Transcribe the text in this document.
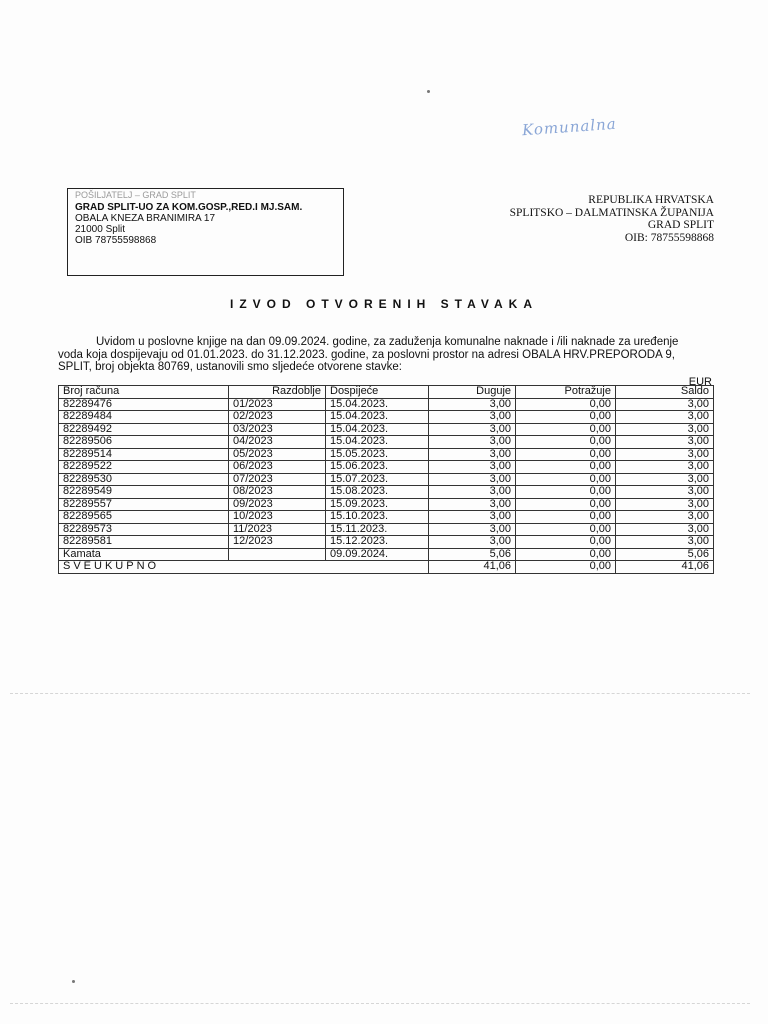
Komunalna
POŠILJATELJ – GRAD SPLIT
GRAD SPLIT-UO ZA KOM.GOSP.,RED.I MJ.SAM.
OBALA KNEZA BRANIMIRA 17
21000 Split
OIB 78755598868
REPUBLIKA HRVATSKA
SPLITSKO – DALMATINSKA ŽUPANIJA
GRAD SPLIT
OIB: 78755598868
IZVOD OTVORENIH STAVAKA
Uvidom u poslovne knjige na dan 09.09.2024. godine, za zaduženja komunalne naknade i /ili naknade za uređenje
voda koja dospijevaju od 01.01.2023. do 31.12.2023. godine, za poslovni prostor na adresi OBALA HRV.PREPORODA 9,
SPLIT, broj objekta 80769, ustanovili smo sljedeće otvorene stavke:
EUR
Broj računa	Razdoblje	Dospijeće	Duguje	Potražuje	Saldo
82289476	01/2023	15.04.2023.	3,00	0,00	3,00
82289484	02/2023	15.04.2023.	3,00	0,00	3,00
82289492	03/2023	15.04.2023.	3,00	0,00	3,00
82289506	04/2023	15.04.2023.	3,00	0,00	3,00
82289514	05/2023	15.05.2023.	3,00	0,00	3,00
82289522	06/2023	15.06.2023.	3,00	0,00	3,00
82289530	07/2023	15.07.2023.	3,00	0,00	3,00
82289549	08/2023	15.08.2023.	3,00	0,00	3,00
82289557	09/2023	15.09.2023.	3,00	0,00	3,00
82289565	10/2023	15.10.2023.	3,00	0,00	3,00
82289573	11/2023	15.11.2023.	3,00	0,00	3,00
82289581	12/2023	15.12.2023.	3,00	0,00	3,00
Kamata		09.09.2024.	5,06	0,00	5,06
SVEUKUPNO			41,06	0,00	41,06
